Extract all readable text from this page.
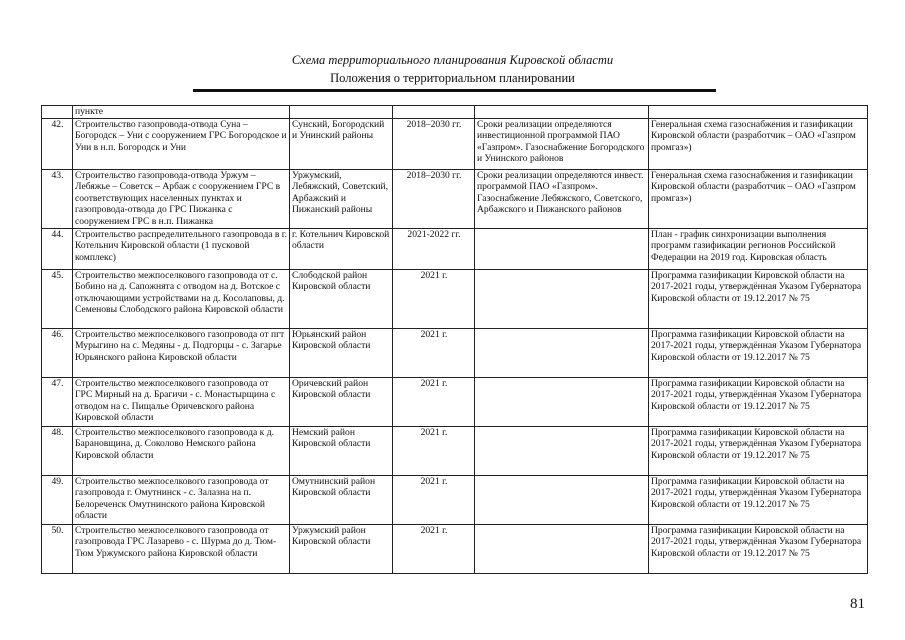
Схема территориального планирования Кировской области
Положения о территориальном планировании
	пункте				
42.	Строительство газопровода-отвода Суна – Богородск – Уни с сооружением ГРС Богородское и Уни в н.п. Богородск и Уни	Сунский, Богородский и Унинский районы	2018–2030 гг.	Сроки реализации определяются инвестиционной программой ПАО «Газпром». Газоснабжение Богородского и Унинского районов	Генеральная схема газоснабжения и газификации Кировской области (разработчик – ОАО «Газпром промгаз»)
43.	Строительство газопровода-отвода Уржум – Лебяжье – Советск – Арбаж с сооружением ГРС в соответствующих населенных пунктах и газопровода-отвода до ГРС Пижанка с сооружением ГРС в н.п. Пижанка	Уржумский, Лебяжский, Советский, Арбажский и Пижанский районы	2018–2030 гг.	Сроки реализации определяются инвест. программой ПАО «Газпром». Газоснабжение Лебяжского, Советского, Арбажского и Пижанского районов	Генеральная схема газоснабжения и газификации Кировской области (разработчик – ОАО «Газпром промгаз»)
44.	Строительство распределительного газопровода в г. Котельнич Кировской области (1 пусковой комплекс)	г. Котельнич Кировской области	2021-2022 гг.		План - график синхронизации выполнения программ газификации регионов Российской Федерации на 2019 год. Кировская область
45.	Строительство межпоселкового газопровода от с. Бобино на д. Сапожнята с отводом на д. Вотское с отключающими устройствами на д. Косолаповы, д. Семеновы Слободского района Кировской области	Слободской район Кировской области	2021 г.		Программа газификации Кировской области на 2017-2021 годы, утверждённая Указом Губернатора Кировской области от 19.12.2017 № 75
46.	Строительство межпоселкового газопровода от пгт Мурыгино на с. Медяны - д. Подгорцы - с. Загарье Юрьянского района Кировской области	Юрьянский район Кировской области	2021 г.		Программа газификации Кировской области на 2017-2021 годы, утверждённая Указом Губернатора Кировской области от 19.12.2017 № 75
47.	Строительство межпоселкового газопровода от ГРС Мирный на д. Брагичи - с. Монастырщина с отводом на с. Пищалье Оричевского района Кировской области	Оричевский район Кировской области	2021 г.		Программа газификации Кировской области на 2017-2021 годы, утверждённая Указом Губернатора Кировской области от 19.12.2017 № 75
48.	Строительство межпоселкового газопровода к д. Барановщина, д. Соколово Немского района Кировской области	Немский район Кировской области	2021 г.		Программа газификации Кировской области на 2017-2021 годы, утверждённая Указом Губернатора Кировской области от 19.12.2017 № 75
49.	Строительство межпоселкового газопровода от газопровода г. Омутнинск - с. Залазна на п. Белореченск Омутнинского района Кировской области	Омутнинский район Кировской области	2021 г.		Программа газификации Кировской области на 2017-2021 годы, утверждённая Указом Губернатора Кировской области от 19.12.2017 № 75
50.	Строительство межпоселкового газопровода от газопровода ГРС Лазарево - с. Шурма до д. Тюм-Тюм Уржумского района Кировской области	Уржумский район Кировской области	2021 г.		Программа газификации Кировской области на 2017-2021 годы, утверждённая Указом Губернатора Кировской области от 19.12.2017 № 75
81
